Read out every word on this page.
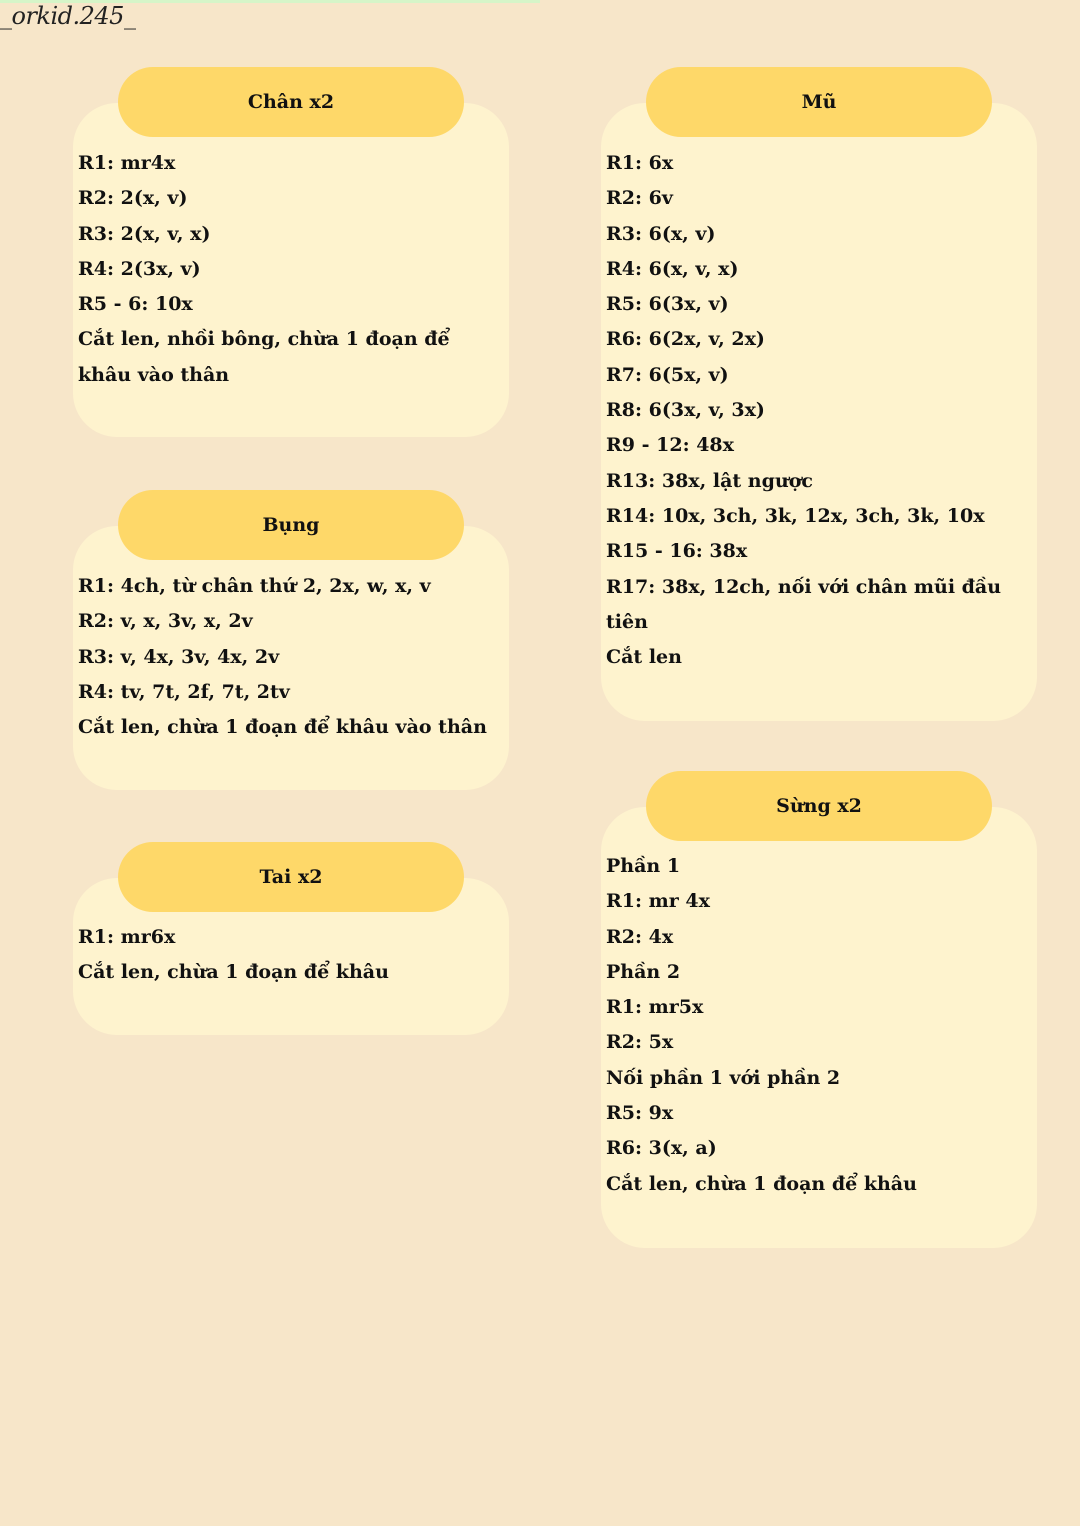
_orkid.245_
Chân x2
R1: mr4x
R2: 2(x, v)
R3: 2(x, v, x)
R4: 2(3x, v)
R5 - 6: 10x
Cắt len, nhồi bông, chừa 1 đoạn để khâu vào thân
Bụng
R1: 4ch, từ chân thứ 2, 2x, w, x, v
R2: v, x, 3v, x, 2v
R3: v, 4x, 3v, 4x, 2v
R4: tv, 7t, 2f, 7t, 2tv
Cắt len, chừa 1 đoạn để khâu vào thân
Tai x2
R1: mr6x
Cắt len, chừa 1 đoạn để khâu
Mũ
R1: 6x
R2: 6v
R3: 6(x, v)
R4: 6(x, v, x)
R5: 6(3x, v)
R6: 6(2x, v, 2x)
R7: 6(5x, v)
R8: 6(3x, v, 3x)
R9 - 12: 48x
R13: 38x, lật ngược
R14: 10x, 3ch, 3k, 12x, 3ch, 3k, 10x
R15 - 16: 38x
R17: 38x, 12ch, nối với chân mũi đầu tiên
Cắt len
Sừng x2
Phần 1
R1: mr 4x
R2: 4x
Phần 2
R1: mr5x
R2: 5x
Nối phần 1 với phần 2
R5: 9x
R6: 3(x, a)
Cắt len, chừa 1 đoạn để khâu
